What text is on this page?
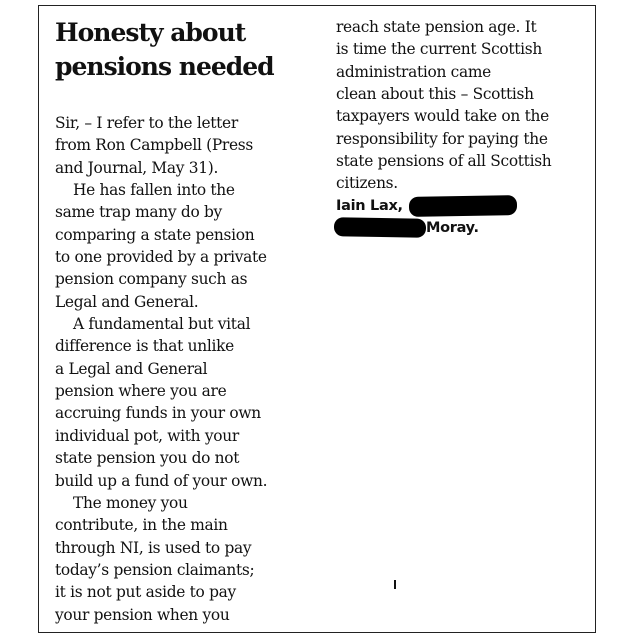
Honesty about
pensions needed
Sir, – I refer to the letter
from Ron Campbell (Press
and Journal, May 31).
He has fallen into the
same trap many do by
comparing a state pension
to one provided by a private
pension company such as
Legal and General.
A fundamental but vital
difference is that unlike
a Legal and General
pension where you are
accruing funds in your own
individual pot, with your
state pension you do not
build up a fund of your own.
The money you
contribute, in the main
through NI, is used to pay
today’s pension claimants;
it is not put aside to pay
your pension when you
reach state pension age. It
is time the current Scottish
administration came
clean about this – Scottish
taxpayers would take on the
responsibility for paying the
state pensions of all Scottish
citizens.
Iain Lax,
Moray.
